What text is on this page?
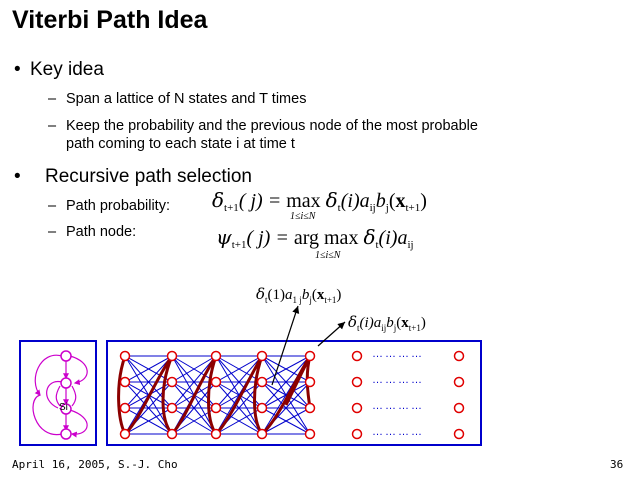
Viterbi Path Idea
• Key idea
– Span a lattice of N states and T times
– Keep the probability and the previous node of the most probable
path coming to each state i at time t
• Recursive path selection
– Path probability:
– Path node:
$\delta_{t+1}$( $j) = \max \delta_t(i)a_{ij}b_j(x_{t+1})$
1≤i≤N
$\psi_{t+1}$( j) = arg $\max \delta_t(i)a_{ij}$
1≤i≤N
$\delta_t(1)a_{1 j}b_j(x_{t+1})$
$\delta_t(i)a_{ij}b_j(x_{t+1})$
Si
…………
…………
…………
…………
April 16, 2005, S.-J. Cho	36
